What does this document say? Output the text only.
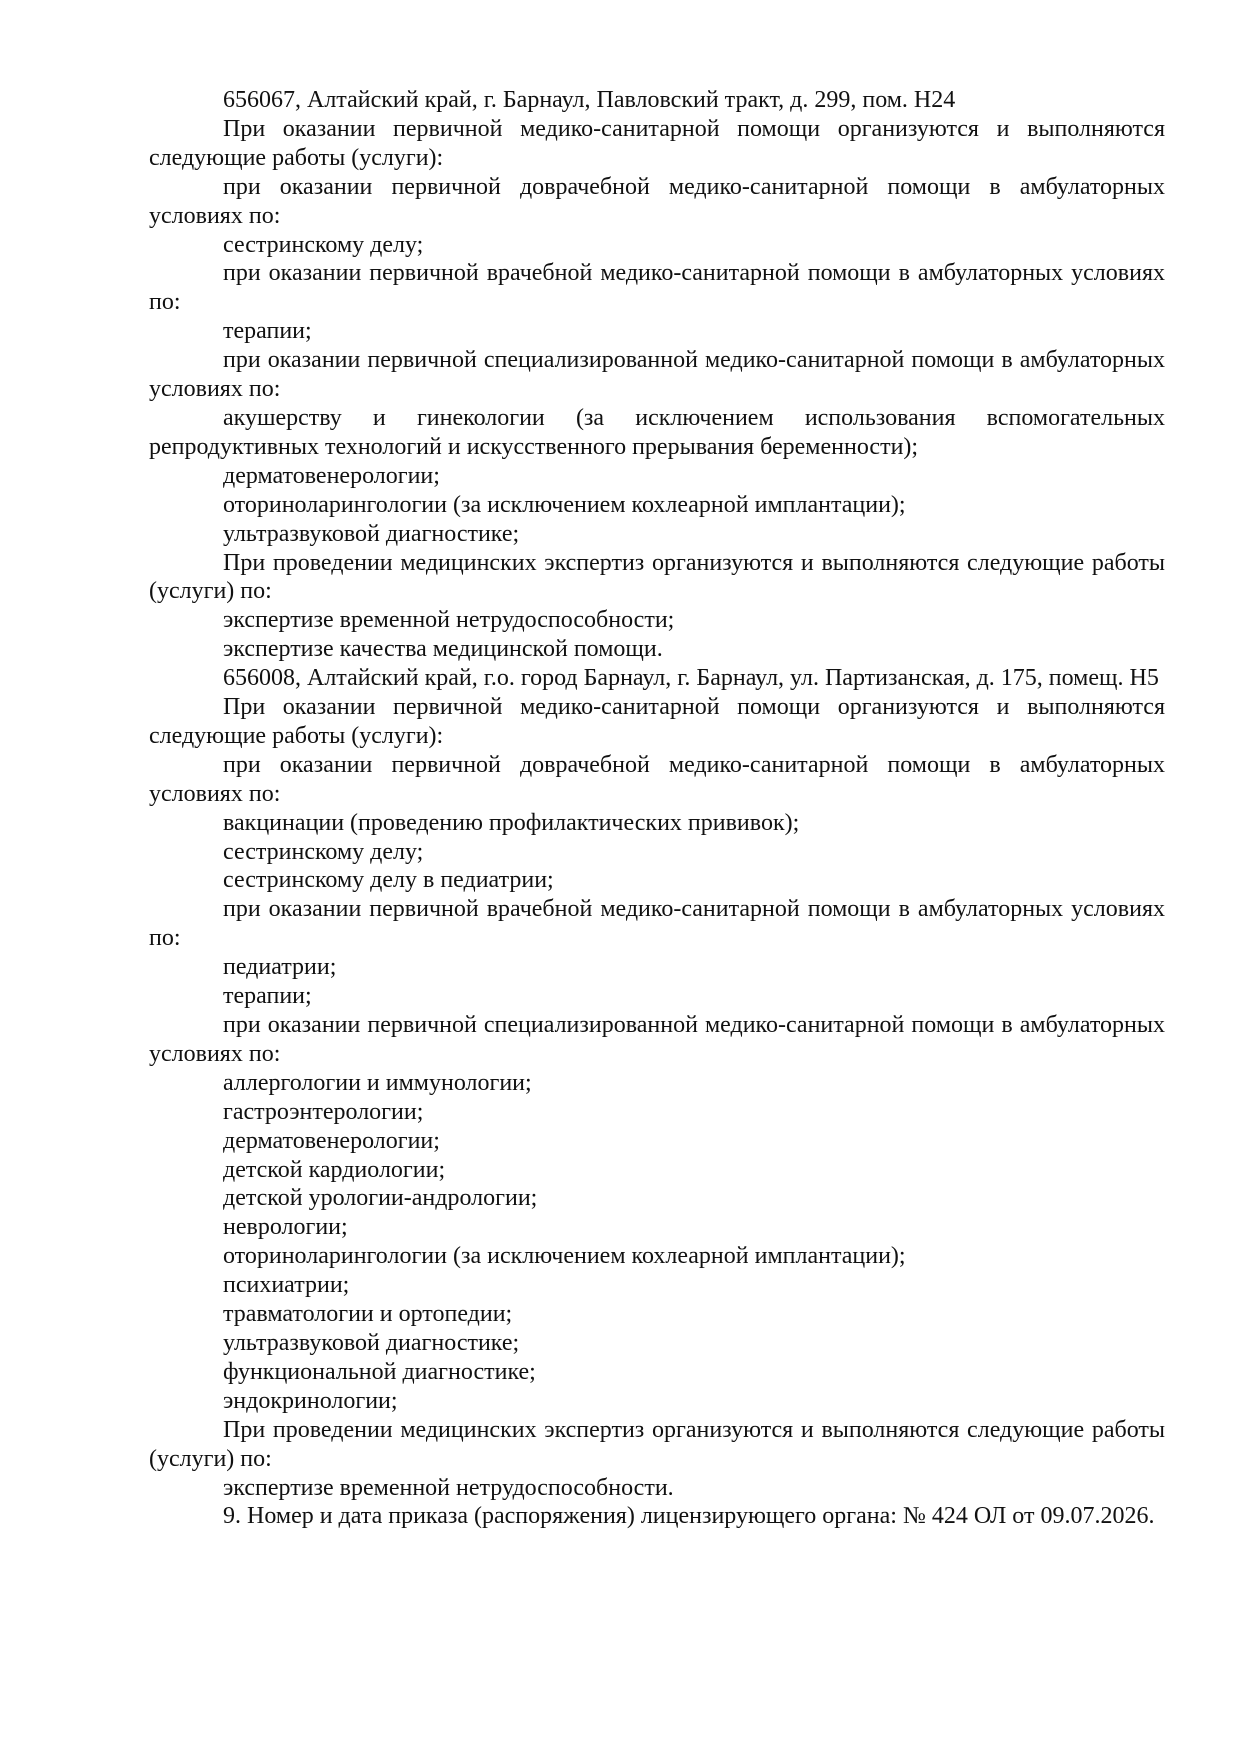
656067, Алтайский край, г. Барнаул, Павловский тракт, д. 299, пом. Н24

При оказании первичной медико-санитарной помощи организуются и выполняются следующие работы (услуги):

при оказании первичной доврачебной медико-санитарной помощи в амбулаторных условиях по:

сестринскому делу;

при оказании первичной врачебной медико-санитарной помощи в амбулаторных условиях по:

терапии;

при оказании первичной специализированной медико-санитарной помощи в амбулаторных условиях по:

акушерству и гинекологии (за исключением использования вспомогательных репродуктивных технологий и искусственного прерывания беременности);

дерматовенерологии;

оториноларингологии (за исключением кохлеарной имплантации);

ультразвуковой диагностике;

При проведении медицинских экспертиз организуются и выполняются следующие работы (услуги) по:

экспертизе временной нетрудоспособности;

экспертизе качества медицинской помощи.

656008, Алтайский край, г.о. город Барнаул, г. Барнаул, ул. Партизанская, д. 175, помещ. Н5

При оказании первичной медико-санитарной помощи организуются и выполняются следующие работы (услуги):

при оказании первичной доврачебной медико-санитарной помощи в амбулаторных условиях по:

вакцинации (проведению профилактических прививок);

сестринскому делу;

сестринскому делу в педиатрии;

при оказании первичной врачебной медико-санитарной помощи в амбулаторных условиях по:

педиатрии;

терапии;

при оказании первичной специализированной медико-санитарной помощи в амбулаторных условиях по:

аллергологии и иммунологии;

гастроэнтерологии;

дерматовенерологии;

детской кардиологии;

детской урологии-андрологии;

неврологии;

оториноларингологии (за исключением кохлеарной имплантации);

психиатрии;

травматологии и ортопедии;

ультразвуковой диагностике;

функциональной диагностике;

эндокринологии;

При проведении медицинских экспертиз организуются и выполняются следующие работы (услуги) по:

экспертизе временной нетрудоспособности.

9. Номер и дата приказа (распоряжения) лицензирующего органа: № 424 ОЛ от 09.07.2026.
